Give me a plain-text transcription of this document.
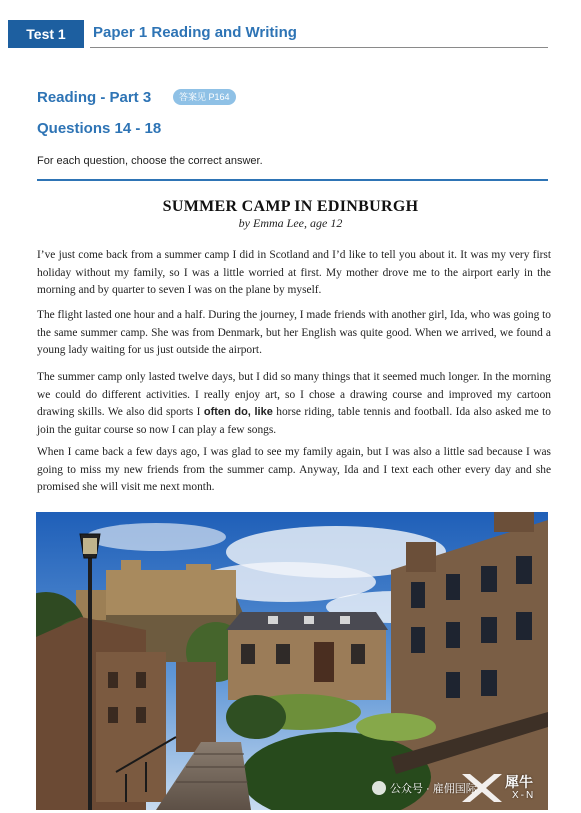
Test 1	Paper 1 Reading and Writing
Reading - Part 3	答案见 P164
Questions 14 - 18
For each question, choose the correct answer.
SUMMER CAMP IN EDINBURGH
by Emma Lee, age 12

I’ve just come back from a summer camp I did in Scotland and I’d like to tell you about it. It was my very first holiday without my family, so I was a little worried at first. My mother drove me to the airport early in the morning and by quarter to seven I was on the plane by myself.

The flight lasted one hour and a half. During the journey, I made friends with another girl, Ida, who was going to the same summer camp. She was from Denmark, but her English was quite good. When we arrived, we found a young lady waiting for us just outside the airport.

The summer camp only lasted twelve days, but I did so many things that it seemed much longer. In the morning we could do different activities. I really enjoy art, so I chose a drawing course and improved my cartoon drawing skills. We also did sports I often do, like horse riding, table tennis and football. Ida also asked me to join the guitar course so now I can play a few songs.

When I came back a few days ago, I was glad to see my family again, but I was also a little sad because I was going to miss my new friends from the summer camp. Anyway, Ida and I text each other every day and she promised she will visit me next month.

公众号 · 雇佣国际 犀牛
X-N
